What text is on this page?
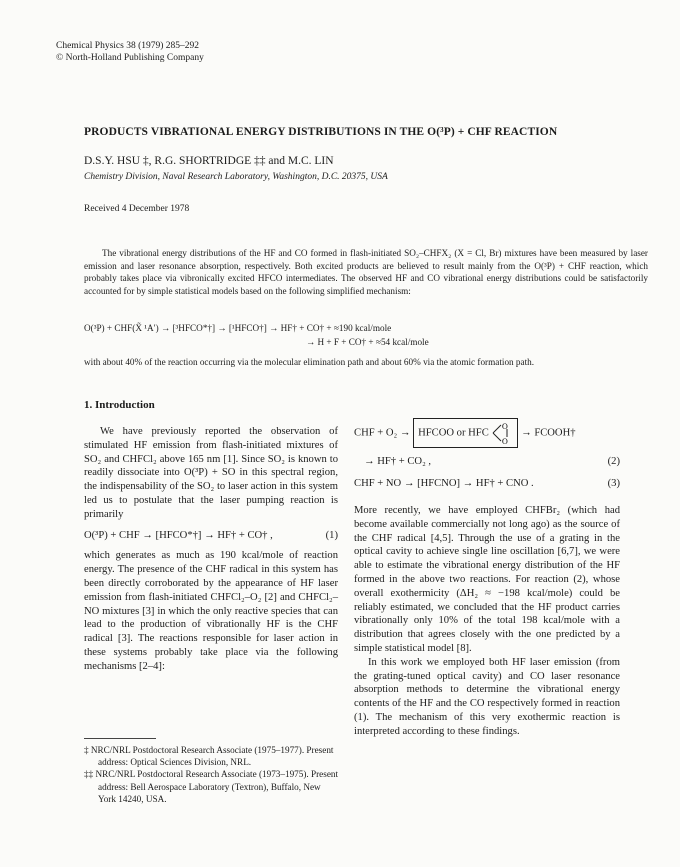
Chemical Physics 38 (1979) 285–292
© North-Holland Publishing Company
PRODUCTS VIBRATIONAL ENERGY DISTRIBUTIONS IN THE O(³P) + CHF REACTION
D.S.Y. HSU ‡, R.G. SHORTRIDGE ‡‡ and M.C. LIN
Chemistry Division, Naval Research Laboratory, Washington, D.C. 20375, USA
Received 4 December 1978

The vibrational energy distributions of the HF and CO formed in flash-initiated SO₂–CHFX₂ (X = Cl, Br) mixtures have been measured by laser emission and laser resonance absorption, respectively. Both excited products are believed to result mainly from the O(³P) + CHF reaction, which probably takes place via vibronically excited HFCO intermediates. The observed HF and CO vibrational energy distributions could be satisfactorily accounted for by simple statistical models based on the following simplified mechanism:

O(³P) + CHF(X̃ ¹A′) → [³HFCO*†] → [¹HFCO†] → HF† + CO† + ≈190 kcal/mole
→ H + F + CO† + ≈54 kcal/mole
with about 40% of the reaction occurring via the molecular elimination path and about 60% via the atomic formation path.
1. Introduction

We have previously reported the observation of stimulated HF emission from flash-initiated mixtures of SO₂ and CHFCl₂ above 165 nm [1]. Since SO₂ is known to readily dissociate into O(³P) + SO in this spectral region, the indispensability of the SO₂ to laser action in this system led us to postulate that the laser pumping reaction is primarily

O(³P) + CHF → [HFCO*†] → HF† + CO† ,	(1)

which generates as much as 190 kcal/mole of reaction energy. The presence of the CHF radical in this system has been directly corroborated by the appearance of HF laser emission from flash-initiated CHFCl₂–O₂ [2] and CHFCl₂–NO mixtures [3] in which the only reactive species that can lead to the production of vibrationally HF is the CHF radical [3]. The reactions responsible for laser action in these systems probably take place via the following mechanisms [2–4]:

CHF + O₂ → HFCOO or HFC
O
O
→ FCOOH†
→ HF† + CO₂ ,	(2)
CHF + NO → [HFCNO] → HF† + CNO .	(3)

More recently, we have employed CHFBr₂ (which had become available commercially not long ago) as the source of the CHF radical [4,5]. Through the use of a grating in the optical cavity to achieve single line oscillation [6,7], we were able to estimate the vibrational energy distribution of the HF formed in the above two reactions. For reaction (2), whose overall exothermicity (ΔH₂ ≈ −198 kcal/mole) could be reliably estimated, we concluded that the HF product carries vibrationally only 10% of the total 198 kcal/mole with a distribution that agrees closely with the one predicted by a simple statistical model [8].

In this work we employed both HF laser emission (from the grating-tuned optical cavity) and CO laser resonance absorption methods to determine the vibrational energy contents of the HF and the CO respectively formed in reaction (1). The mechanism of this very exothermic reaction is interpreted according to these findings.

‡ NRC/NRL Postdoctoral Research Associate (1975–1977). Present address: Optical Sciences Division, NRL.
‡‡ NRC/NRL Postdoctoral Research Associate (1973–1975). Present address: Bell Aerospace Laboratory (Textron), Buffalo, New York 14240, USA.
